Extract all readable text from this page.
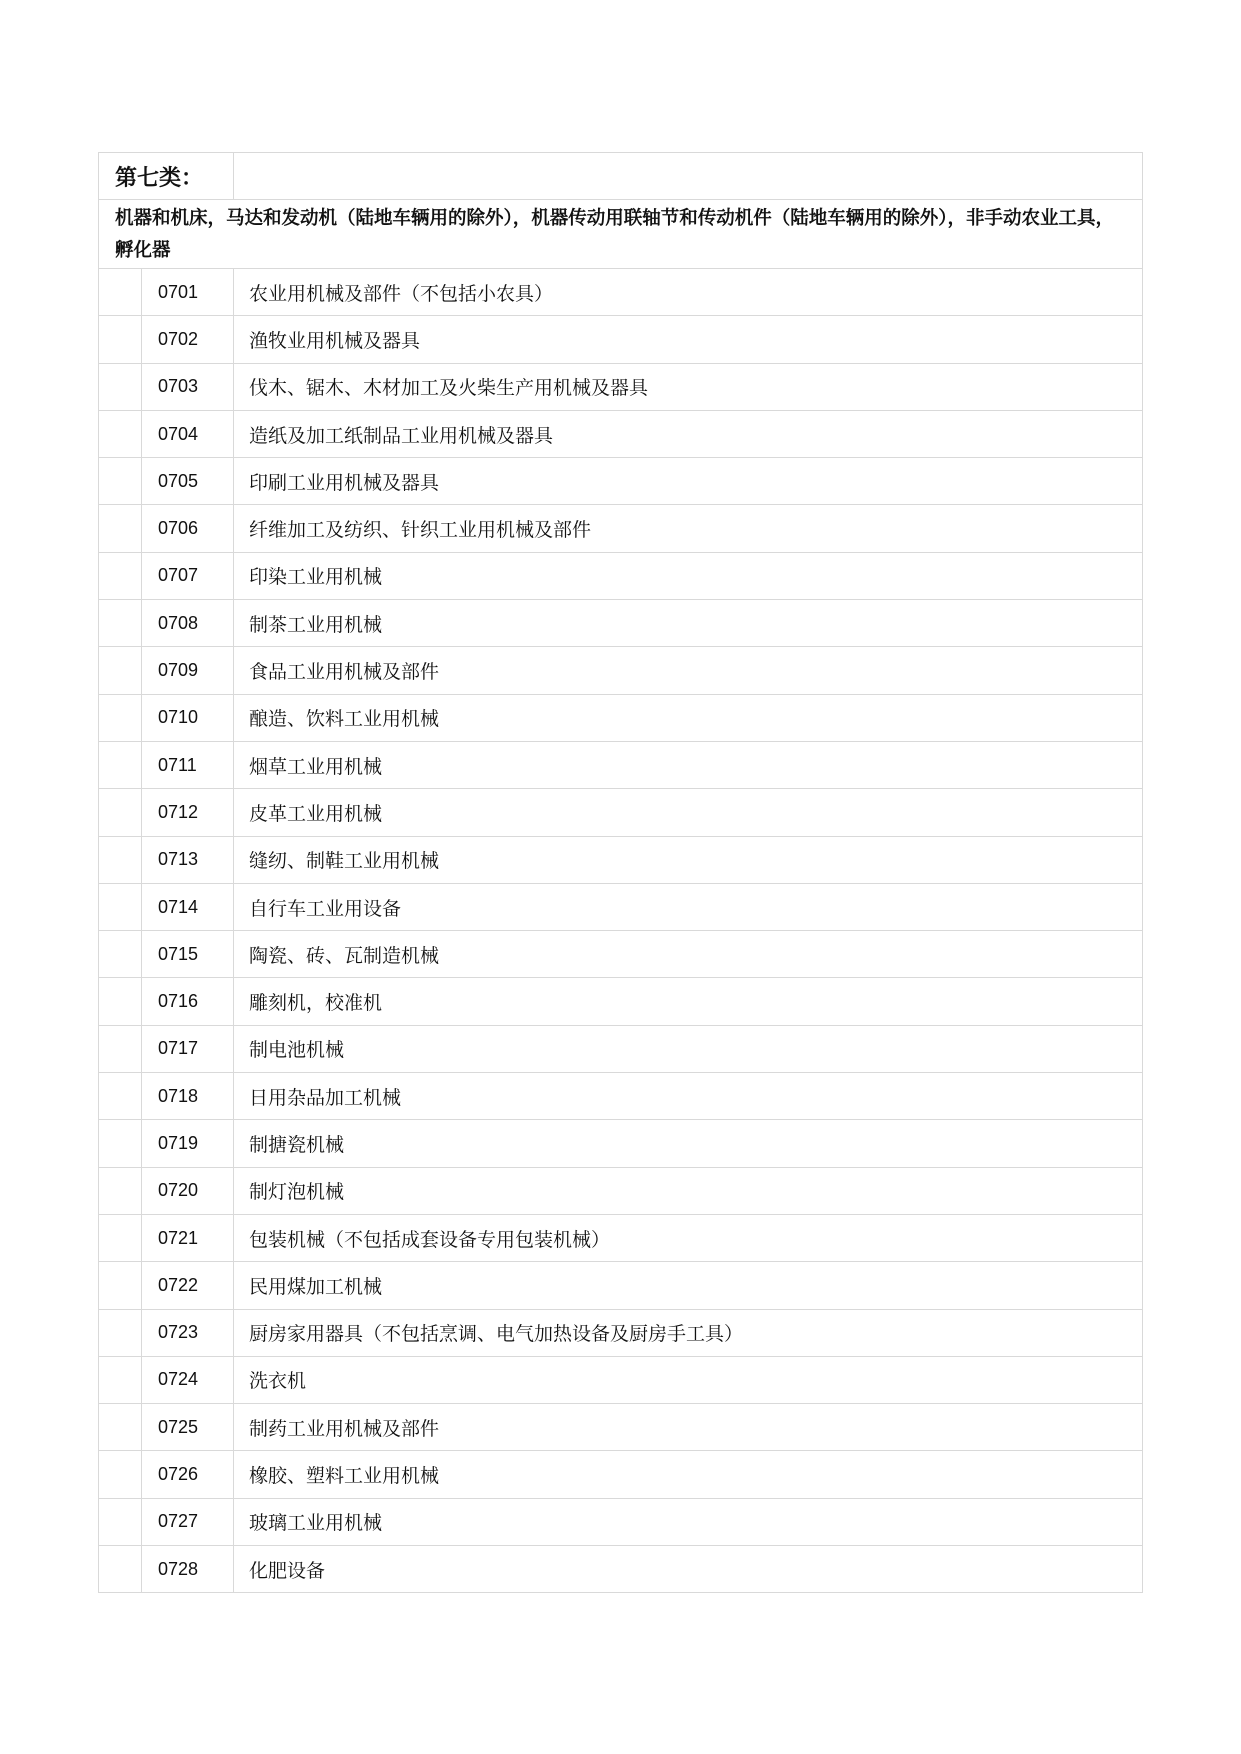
第七类：		
机器和机床，马达和发动机（陆地车辆用的除外），机器传动用联轴节和传动机件（陆地车辆用的除外），非手动农业工具，孵化器		
	0701	农业用机械及部件（不包括小农具）
	0702	渔牧业用机械及器具
	0703	伐木、锯木、木材加工及火柴生产用机械及器具
	0704	造纸及加工纸制品工业用机械及器具
	0705	印刷工业用机械及器具
	0706	纤维加工及纺织、针织工业用机械及部件
	0707	印染工业用机械
	0708	制茶工业用机械
	0709	食品工业用机械及部件
	0710	酿造、饮料工业用机械
	0711	烟草工业用机械
	0712	皮革工业用机械
	0713	缝纫、制鞋工业用机械
	0714	自行车工业用设备
	0715	陶瓷、砖、瓦制造机械
	0716	雕刻机，校准机
	0717	制电池机械
	0718	日用杂品加工机械
	0719	制搪瓷机械
	0720	制灯泡机械
	0721	包装机械（不包括成套设备专用包装机械）
	0722	民用煤加工机械
	0723	厨房家用器具（不包括烹调、电气加热设备及厨房手工具）
	0724	洗衣机
	0725	制药工业用机械及部件
	0726	橡胶、塑料工业用机械
	0727	玻璃工业用机械
	0728	化肥设备
